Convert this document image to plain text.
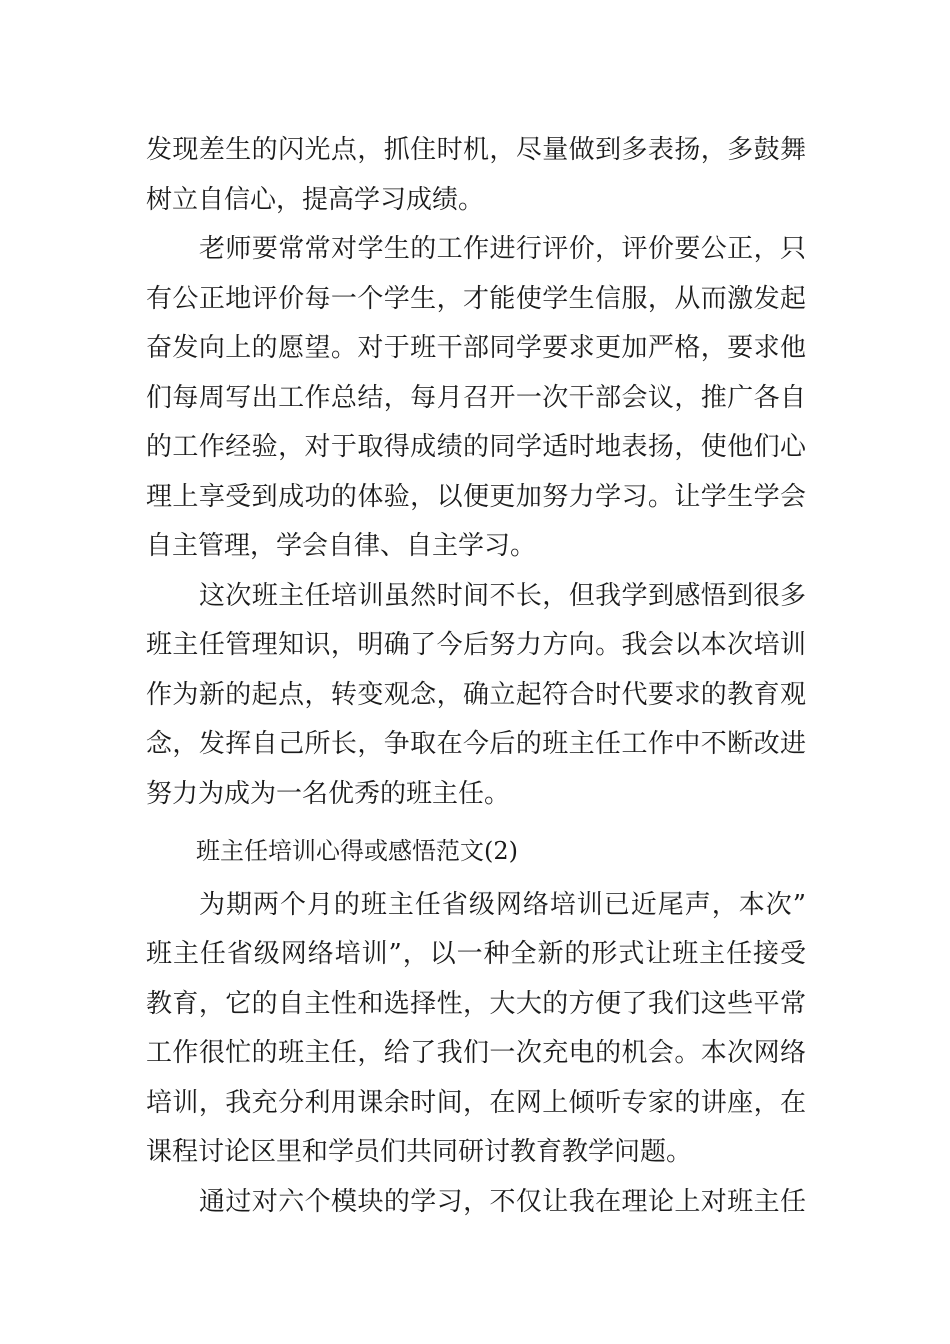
发现差生的闪光点，抓住时机，尽量做到多表扬，多鼓舞
树立自信心，提高学习成绩。
老师要常常对学生的工作进行评价，评价要公正，只
有公正地评价每一个学生，才能使学生信服，从而激发起
奋发向上的愿望。对于班干部同学要求更加严格，要求他
们每周写出工作总结，每月召开一次干部会议，推广各自
的工作经验，对于取得成绩的同学适时地表扬，使他们心
理上享受到成功的体验，以便更加努力学习。让学生学会
自主管理，学会自律、自主学习。
这次班主任培训虽然时间不长，但我学到感悟到很多
班主任管理知识，明确了今后努力方向。我会以本次培训
作为新的起点，转变观念，确立起符合时代要求的教育观
念，发挥自己所长，争取在今后的班主任工作中不断改进
努力为成为一名优秀的班主任。
班主任培训心得或感悟范文(2)
为期两个月的班主任省级网络培训已近尾声，本次”
班主任省级网络培训”，以一种全新的形式让班主任接受
教育，它的自主性和选择性，大大的方便了我们这些平常
工作很忙的班主任，给了我们一次充电的机会。本次网络
培训，我充分利用课余时间，在网上倾听专家的讲座，在
课程讨论区里和学员们共同研讨教育教学问题。
通过对六个模块的学习，不仅让我在理论上对班主任
